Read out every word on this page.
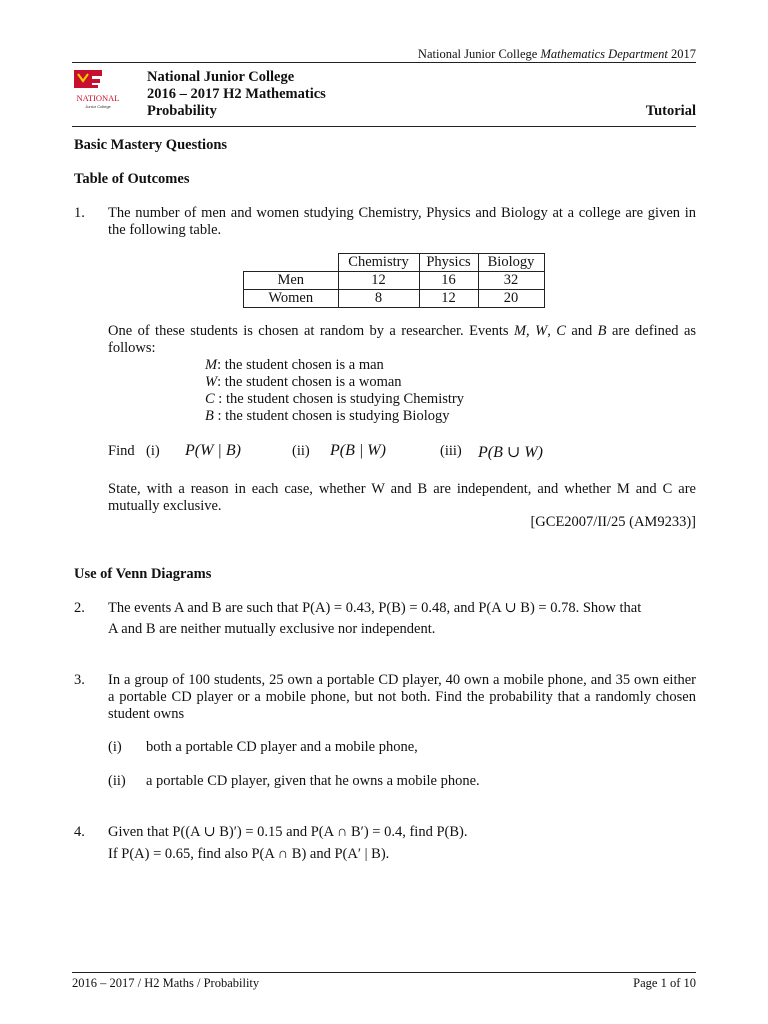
National Junior College Mathematics Department 2017
NATIONAL
Junior College
National Junior College
2016 – 2017 H2 Mathematics
Probability	Tutorial
Basic Mastery Questions
Table of Outcomes
1. The number of men and women studying Chemistry, Physics and Biology at a college are given in the following table.
	Chemistry	Physics	Biology
Men	12	16	32
Women	8	12	20
One of these students is chosen at random by a researcher. Events M, W, C and B are defined as follows:
M: the student chosen is a man
W: the student chosen is a woman
C : the student chosen is studying Chemistry
B : the student chosen is studying Biology
Find (i) P(W | B)	(ii) P(B | W)	(iii) P(B ∪ W)
State, with a reason in each case, whether W and B are independent, and whether M and C are mutually exclusive.
[GCE2007/II/25 (AM9233)]
Use of Venn Diagrams
2. The events A and B are such that P(A) = 0.43, P(B) = 0.48, and P(A ∪ B) = 0.78. Show that
A and B are neither mutually exclusive nor independent.
3. In a group of 100 students, 25 own a portable CD player, 40 own a mobile phone, and 35 own either a portable CD player or a mobile phone, but not both. Find the probability that a randomly chosen student owns
(i) both a portable CD player and a mobile phone,
(ii) a portable CD player, given that he owns a mobile phone.
4. Given that P((A ∪ B)′) = 0.15 and P(A ∩ B′) = 0.4, find P(B).
If P(A) = 0.65, find also P(A ∩ B) and P(A′ | B).
2016 – 2017 / H2 Maths / Probability	Page 1 of 10
